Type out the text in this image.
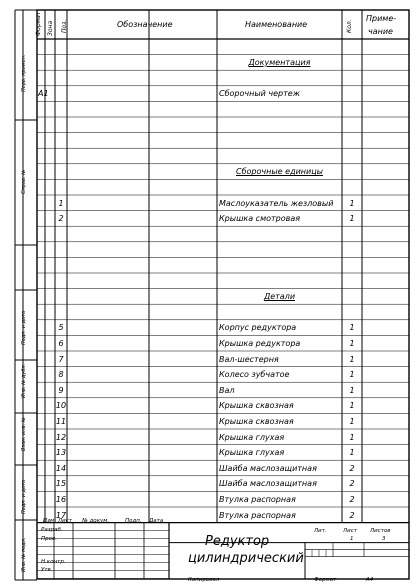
Формат Зона Поз.	Обозначение	Наименование	Кол.
Приме-
чание
Перв. примен.
Справ. №
Подп. и дата
Инв. № дубл.
Взам. инв. №
Подп. и дата
Инв. № подл.
Документация
А1	Сборочный чертеж
Сборочные единицы
1	Маслоуказатель жезловый	1
2	Крышка смотровая	1
Детали
5	Корпус редуктора	1
6	Крышка редуктора	1
7	Вал-шестерня	1
8	Колесо зубчатое	1
9	Вал	1
10	Крышка сквозная	1
11	Крышка сквозная	1
12	Крышка глухая	1
13	Крышка глухая	1
14	Шайба маслозащитная	2
15	Шайба маслозащитная	2
16	Втулка распорная	2
17	Втулка распорная	2
Изм Лист № докум.	Подп. Дата
Разраб.
Пров.
Н.контр.
Утв.
Редуктор
цилиндрический
Лит.	Лист Листов
1	3
Копировал	Формат	А4
